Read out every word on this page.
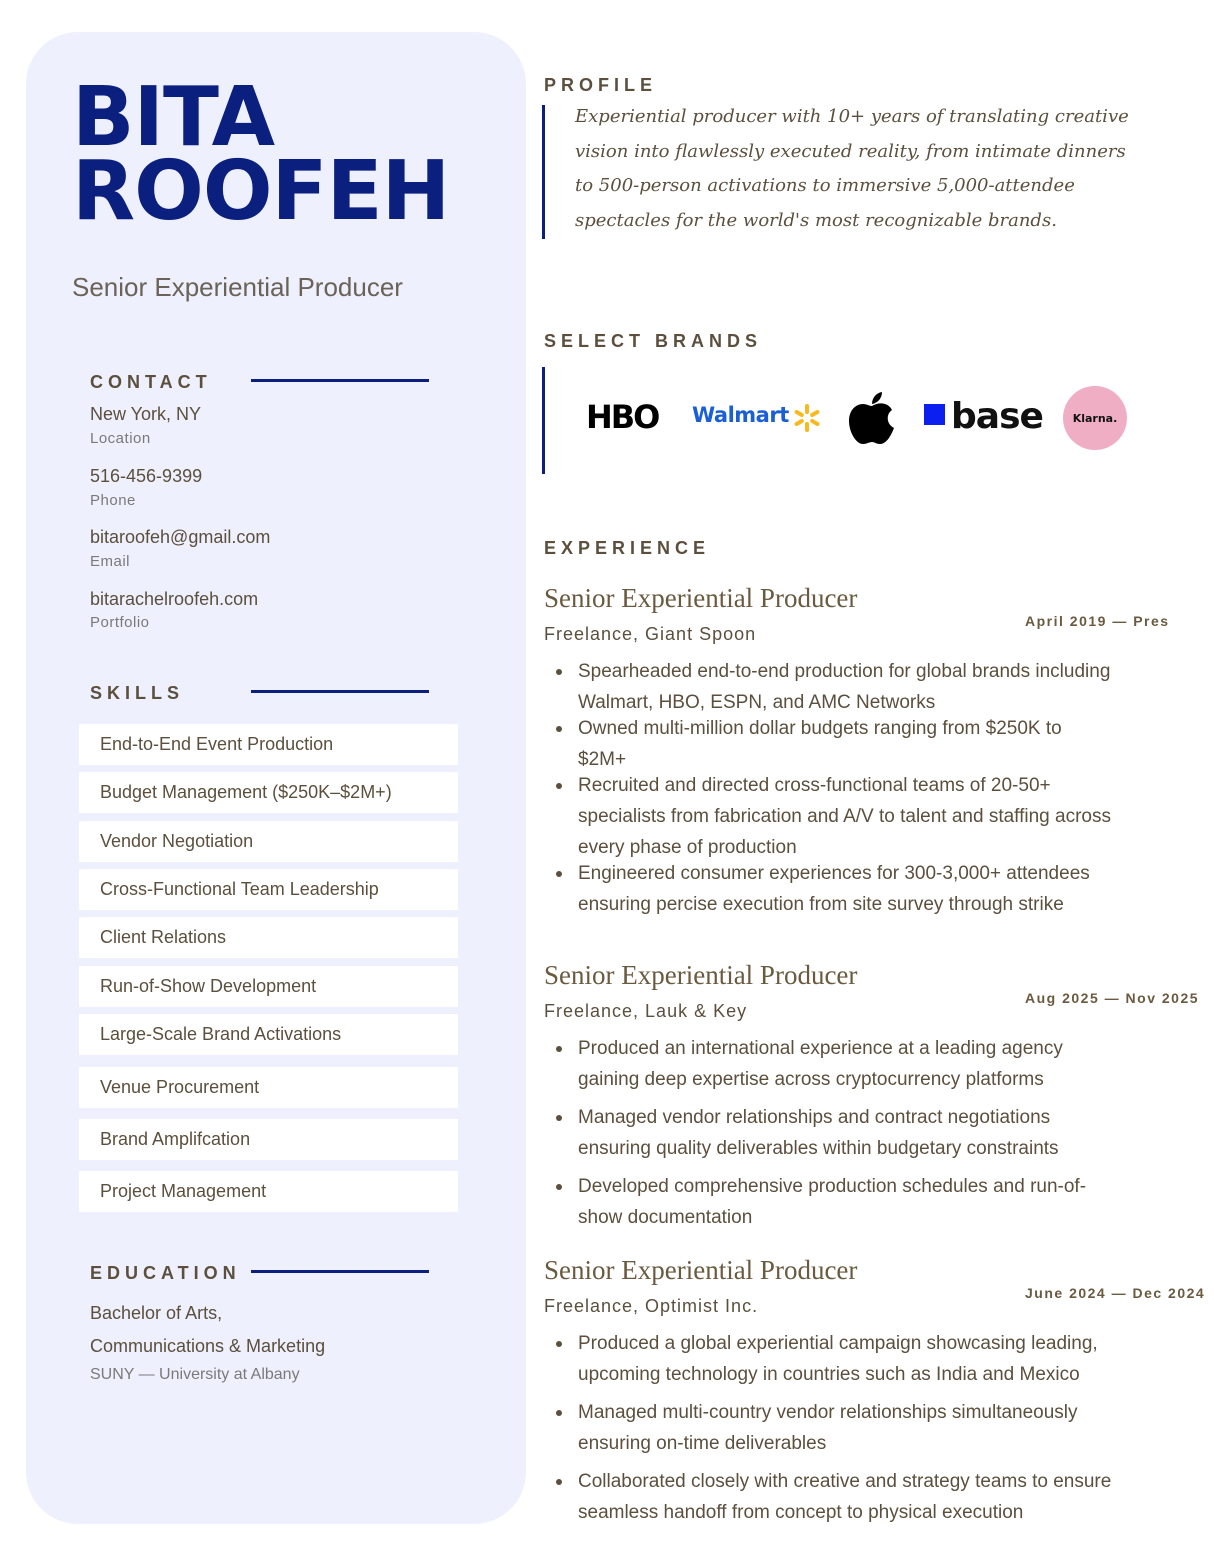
BITA
ROOFEH
Senior Experiential Producer
CONTACT
New York, NY
Location
516-456-9399
Phone
bitaroofeh@gmail.com
Email
bitarachelroofeh.com
Portfolio
SKILLS
End-to-End Event Production
Budget Management ($250K–$2M+)
Vendor Negotiation
Cross-Functional Team Leadership
Client Relations
Run-of-Show Development
Large-Scale Brand Activations
Venue Procurement
Brand Amplifcation
Project Management
EDUCATION
Bachelor of Arts,
Communications & Marketing
SUNY — University at Albany
PROFILE
Experiential producer with 10+ years of translating creative vision into flawlessly executed reality, from intimate dinners to 500-person activations to immersive 5,000-attendee spectacles for the world's most recognizable brands.
SELECT BRANDS
HBO Walmart	base	Klarna.
EXPERIENCE
Senior Experiential Producer
Freelance, Giant Spoon
April 2019 — Pres
Spearheaded end-to-end production for global brands including Walmart, HBO, ESPN, and AMC Networks
Owned multi-million dollar budgets ranging from $250K to $2M+
Recruited and directed cross-functional teams of 20-50+ specialists from fabrication and A/V to talent and staffing across every phase of production
Engineered consumer experiences for 300-3,000+ attendees ensuring percise execution from site survey through strike
Senior Experiential Producer
Freelance, Lauk & Key
Aug 2025 — Nov 2025
Produced an international experience at a leading agency gaining deep expertise across cryptocurrency platforms
Managed vendor relationships and contract negotiations ensuring quality deliverables within budgetary constraints
Developed comprehensive production schedules and run-of-show documentation
Senior Experiential Producer
Freelance, Optimist Inc.
June 2024 — Dec 2024
Produced a global experiential campaign showcasing leading, upcoming technology in countries such as India and Mexico
Managed multi-country vendor relationships simultaneously ensuring on-time deliverables
Collaborated closely with creative and strategy teams to ensure seamless handoff from concept to physical execution
